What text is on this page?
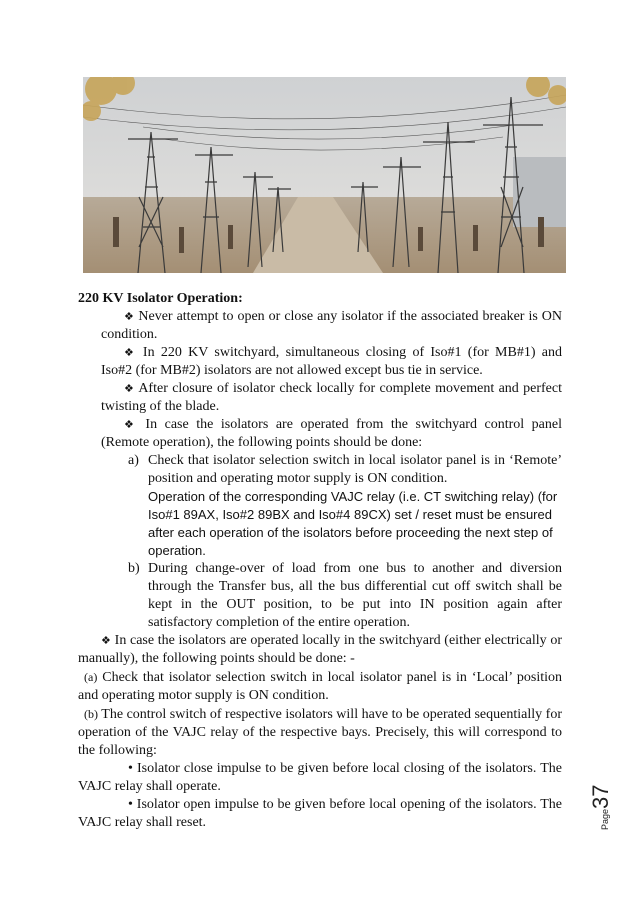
220 KV Isolator Operation:

❖ Never attempt to open or close any isolator if the associated breaker is ON condition.

❖ In 220 KV switchyard, simultaneous closing of Iso#1 (for MB#1) and Iso#2 (for MB#2) isolators are not allowed except bus tie in service.

❖ After closure of isolator check locally for complete movement and perfect twisting of the blade.

❖ In case the isolators are operated from the switchyard control panel (Remote operation), the following points should be done:

a) Check that isolator selection switch in local isolator panel is in ‘Remote’ position and operating motor supply is ON condition.
Operation of the corresponding VAJC relay (i.e. CT switching relay) (for Iso#1 89AX, Iso#2 89BX and Iso#4 89CX) set / reset must be ensured after each operation of the isolators before proceeding the next step of operation.
b) During change-over of load from one bus to another and diversion through the Transfer bus, all the bus differential cut off switch shall be kept in the OUT position, to be put into IN position again after satisfactory completion of the entire operation.

❖ In case the isolators are operated locally in the switchyard (either electrically or manually), the following points should be done: -

(a) Check that isolator selection switch in local isolator panel is in ‘Local’ position and operating motor supply is ON condition.

(b) The control switch of respective isolators will have to be operated sequentially for operation of the VAJC relay of the respective bays. Precisely, this will correspond to the following:

• Isolator close impulse to be given before local closing of the isolators. The VAJC relay shall operate.

• Isolator open impulse to be given before local opening of the isolators. The VAJC relay shall reset.	Page37
